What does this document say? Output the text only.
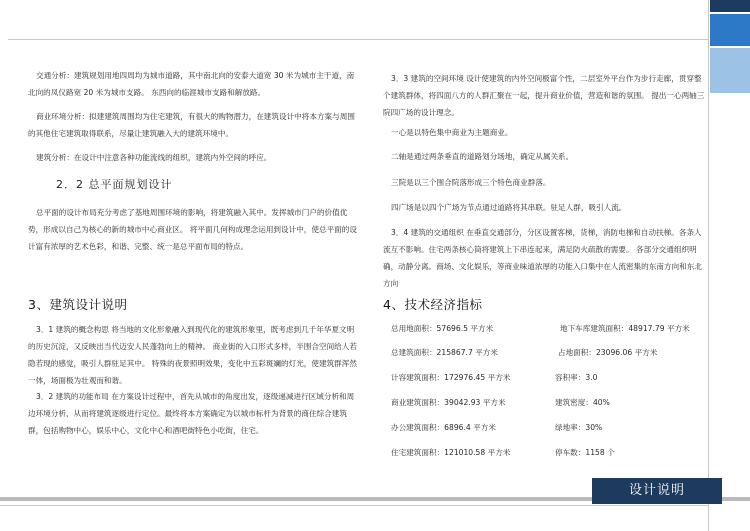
交通分析：建筑规划用地四周均为城市道路，其中南北向的安泰大道宽 30 米为城市主干道，南北向的凤仪路宽 20 米为城市支路。 东西向的临涯城市支路和解放路。
商业环境分析：拟建建筑周围均为住宅建筑，有很大的购物潜力，在建筑设计中将本方案与周围的其他住宅建筑取得联系，尽量让建筑融入大的建筑环境中。
建筑分析：在设计中注意各种功能流线的组织，建筑内外空间的呼应。
2．2 总平面规划设计
总平面的设计布局充分考虑了基地周围环境的影响，将建筑融入其中。发挥城市门户的价值优势，形成以自己为核心的新的城市中心商业区。 将平面几何构成理念运用到设计中，使总平面的设计富有浓厚的艺术色彩，和谐、完整、统一是总平面布局的特点。
3、建筑设计说明
3．1 建筑的概念构思 将当地的文化形象融入到现代化的建筑形象里，既考虑到几千年华夏文明的历史沉淀，又反映出当代迈安人民蓬勃向上的精神。 商业街的入口形式多样，半围合空间给人若隐若现的感觉，吸引人群驻足其中。 特殊的夜景照明效果，变化中五彩斑斓的灯光，使建筑群浑然一体，场面极为壮观而和谐。
3．2 建筑的功能布局 在方案设计过程中，首先从城市的角度出发，逐级递减进行区域分析和周边环境分析，从而将建筑逐级进行定位。最终将本方案确定为以城市标杆为背景的商住综合建筑群，包括购物中心，娱乐中心，文化中心和酒吧街特色小吃街，住宅。
3．3 建筑的空间环境 设计使建筑的内外空间极富个性，二层室外平台作为步行走廊，贯穿整个建筑群体，将四面八方的人群汇聚在一起，提升商业价值，营造和谐的氛围。 提出一心两轴三院四广场的设计理念。
一心是以特色集中商业为主题商业。
二轴是通过两条垂直的道路划分场地，确定从属关系。
三院是以三个围合院落形成三个特色商业群落。
四广场是以四个广场为节点通过道路将其串联。驻足人群，吸引人流。
3．4 建筑的交通组织 在垂直交通部分，分区设置客梯，货梯，消防电梯和自动扶梯。各条人流互不影响。住宅两条核心筒将建筑上下串连起来，满足防火疏散的需要。 各部分交通组织明确，动静分离。商场、文化娱乐，等商业味道浓厚的功能入口集中在人流密集的东南方向和东北方向
4、技术经济指标
总用地面积：57696.5 平方米	地下车库建筑面积：48917.79 平方米
总建筑面积：215867.7 平方米	占地面积：23096.06 平方米
计容建筑面积：172976.45 平方米	容积率：3.0
商业建筑面积：39042.93 平方米	建筑密度：40%
办公建筑面积：6896.4 平方米	绿地率：30%
住宅建筑面积：121010.58 平方米	停车数：1158 个
设计说明
